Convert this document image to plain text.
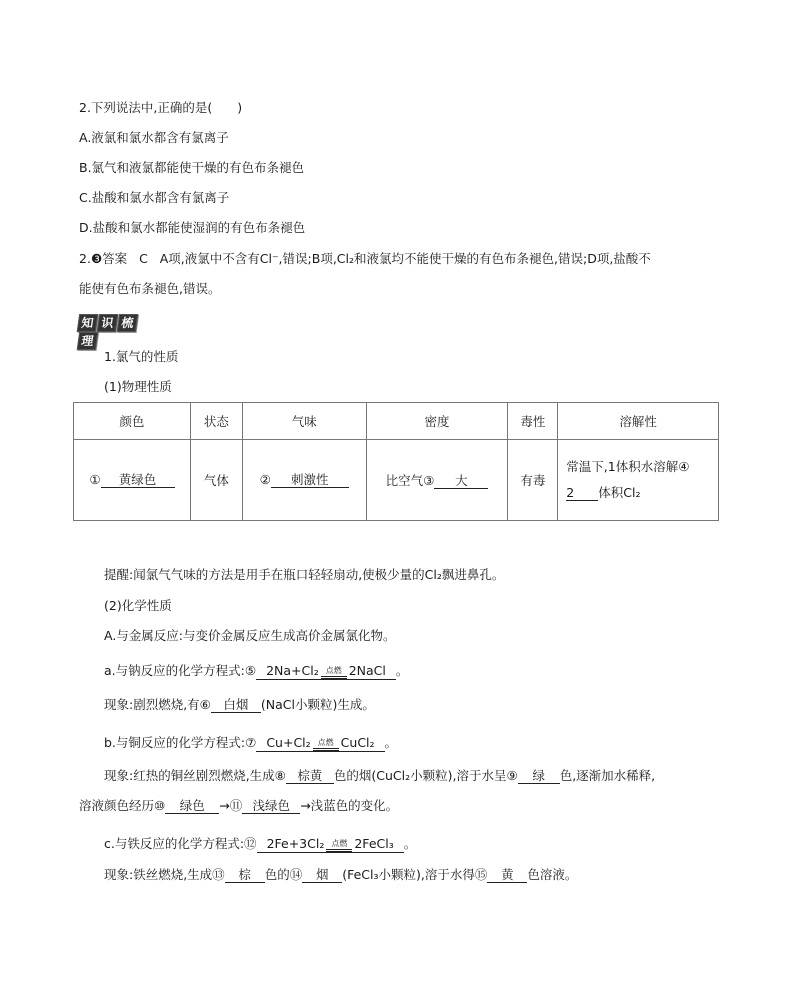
2.下列说法中,正确的是(　　)
A.液氯和氯水都含有氯离子
B.氯气和液氯都能使干燥的有色布条褪色
C.盐酸和氯水都含有氯离子
D.盐酸和氯水都能使湿润的有色布条褪色
2.❸答案 C A项,液氯中不含有Cl⁻,错误;B项,Cl₂和液氯均不能使干燥的有色布条褪色,错误;D项,盐酸不
能使有色布条褪色,错误。
知 识 梳理
1.氯气的性质
(1)物理性质
颜色	状态	气味	密度	毒性	溶解性
① 黄绿色	气体	② 刺激性	比空气③ 大	有毒	常温下,1体积水溶解④
2 体积Cl₂
提醒:闻氯气气味的方法是用手在瓶口轻轻扇动,使极少量的Cl₂飘进鼻孔。
(2)化学性质
A.与金属反应:与变价金属反应生成高价金属氯化物。
a.与钠反应的化学方程式:⑤ 2Na+Cl₂ 点燃 2NaCl 。
现象:剧烈燃烧,有⑥ 白烟 (NaCl小颗粒)生成。
b.与铜反应的化学方程式:⑦ Cu+Cl₂ 点燃 CuCl₂ 。
现象:红热的铜丝剧烈燃烧,生成⑧ 棕黄 色的烟(CuCl₂小颗粒),溶于水呈⑨ 绿 色,逐渐加水稀释,
溶液颜色经历⑩ 绿色 →⑪ 浅绿色 →浅蓝色的变化。
c.与铁反应的化学方程式:⑫ 2Fe+3Cl₂ 点燃 2FeCl₃ 。
现象:铁丝燃烧,生成⑬ 棕 色的⑭ 烟 (FeCl₃小颗粒),溶于水得⑮ 黄 色溶液。
